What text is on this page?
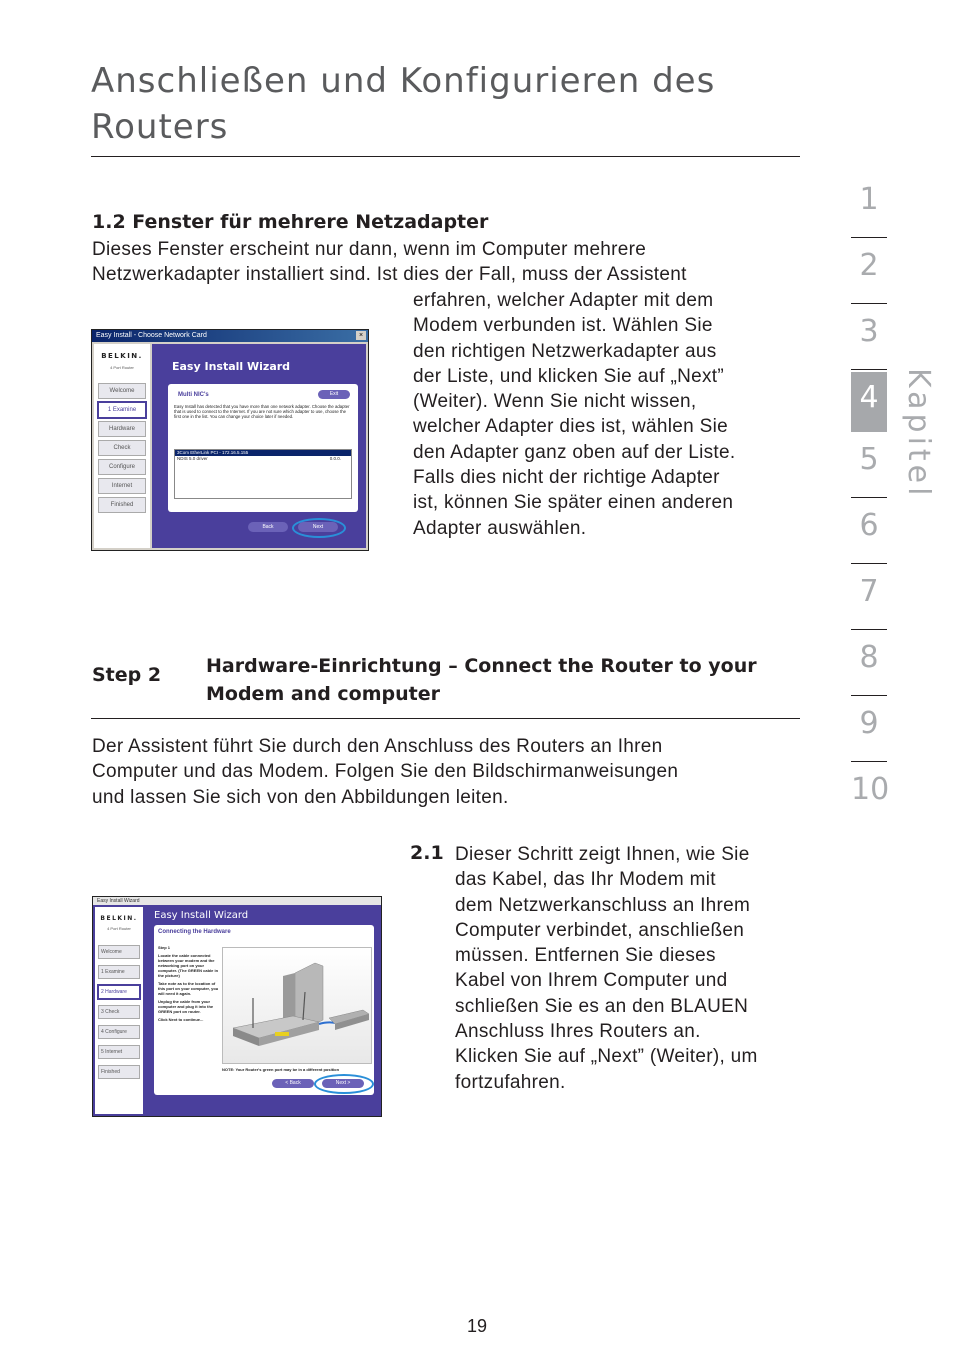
Anschließen und Konfigurieren des Routers
1
2
3
4
5
6
7
8
9
10
Kapitel
1.2 Fenster für mehrere Netzadapter
Dieses Fenster erscheint nur dann, wenn im Computer mehrere
Netzwerkadapter installiert sind. Ist dies der Fall, muss der Assistent
erfahren, welcher Adapter mit dem
Modem verbunden ist. Wählen Sie
den richtigen Netzwerkadapter aus
der Liste, und klicken Sie auf „Next”
(Weiter). Wenn Sie nicht wissen,
welcher Adapter dies ist, wählen Sie
den Adapter ganz oben auf der Liste.
Falls dies nicht der richtige Adapter
ist, können Sie später einen anderen
Adapter auswählen.
Easy Install - Choose Network Card	×
BELKIN.
4 Port Router
Welcome
1 Examine
Hardware
Check
Configure
Internet
Finished
Easy Install Wizard
Multi NIC's	Exit
Easy Install has detected that you have more than one network adapter. Choose the adapter that is used to connect to the Internet. If you are not sure which adapter to use, choose the first one in the list. You can change your choice later if needed.
3Com EtherLink PCI - 172.16.5.155
NDIS 5.0 driver	0.0.0.
Back	Next
Step 2 Hardware-Einrichtung – Connect the Router to your
Modem and computer
Der Assistent führt Sie durch den Anschluss des Routers an Ihren
Computer und das Modem. Folgen Sie den Bildschirmanweisungen
und lassen Sie sich von den Abbildungen leiten.
2.1 Dieser Schritt zeigt Ihnen, wie Sie
das Kabel, das Ihr Modem mit
dem Netzwerkanschluss an Ihrem
Computer verbindet, anschließen
müssen. Entfernen Sie dieses
Kabel von Ihrem Computer und
schließen Sie es an den BLAUEN
Anschluss Ihres Routers an.
Klicken Sie auf „Next” (Weiter), um
fortzufahren.
Easy Install Wizard
BELKIN.
4 Port Router
Welcome
1 Examine
2 Hardware
3 Check
4 Configure
5 Internet
Finished
Easy Install Wizard
Connecting the Hardware
Step 1
Locate the cable connected between your modem and the networking port on your computer. (The GREEN cable in the picture)
Take note as to the location of this port on your computer, you will need it again.
Unplug the cable from your computer and plug it into the GREEN port on router.
Click Next to continue...
NOTE: Your Router's green port may be in a different position
< Back	Next >
19
